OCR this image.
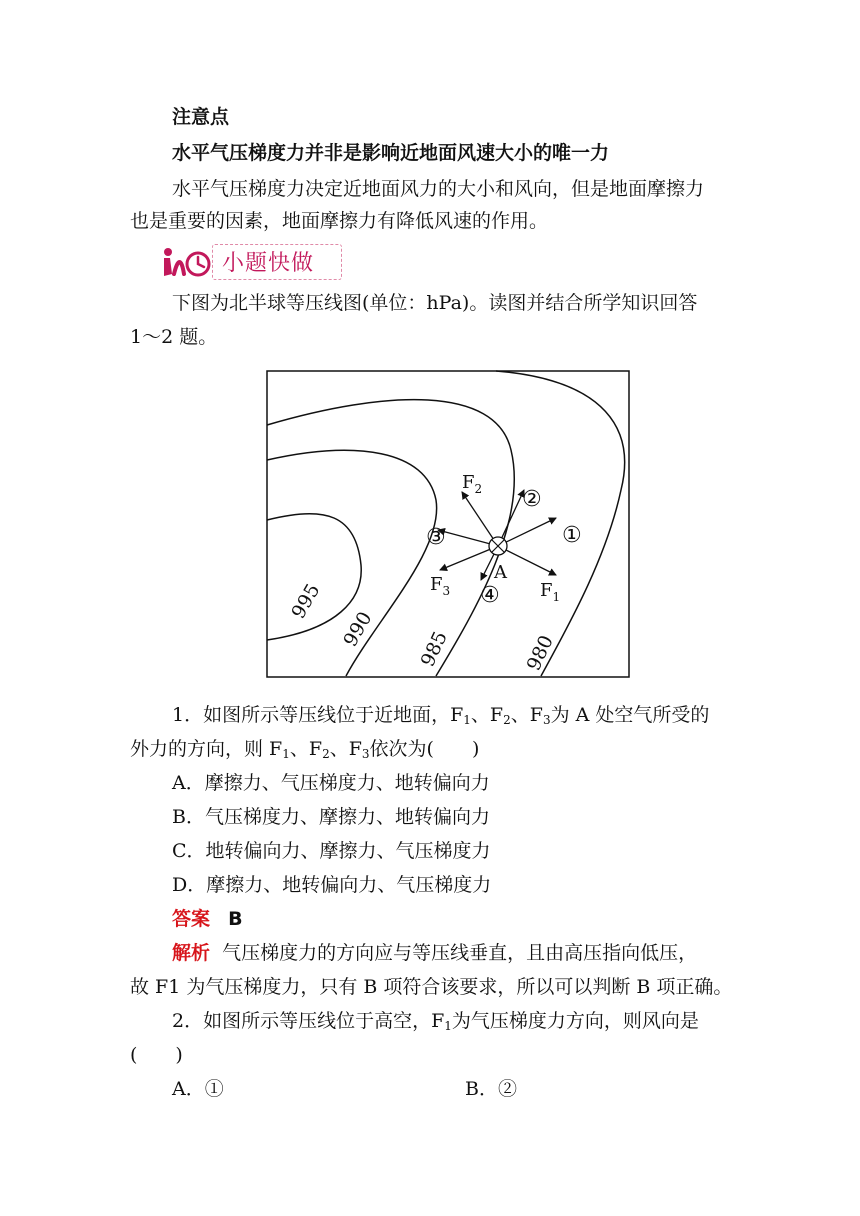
注意点
水平气压梯度力并非是影响近地面风速大小的唯一力
水平气压梯度力决定近地面风力的大小和风向，但是地面摩擦力
也是重要的因素，地面摩擦力有降低风速的作用。
小题快做
下图为北半球等压线图(单位：hPa)。读图并结合所学知识回答
1～2 题。
995
990 985	980
A
$F_2$
$F_1$
$F_3$
①
②
③
④
1．如图所示等压线位于近地面，$F_1$、$F_2$、$F_3$为 A 处空气所受的
外力的方向，则 $F_1$、$F_2$、$F_3$依次为(　　)
A．摩擦力、气压梯度力、地转偏向力
B．气压梯度力、摩擦力、地转偏向力
C．地转偏向力、摩擦力、气压梯度力
D．摩擦力、地转偏向力、气压梯度力
答案 B
解析 气压梯度力的方向应与等压线垂直，且由高压指向低压，
故 F1 为气压梯度力，只有 B 项符合该要求，所以可以判断 B 项正确。
2．如图所示等压线位于高空，$F_1$为气压梯度力方向，则风向是
(　　)
A．①	B．②
